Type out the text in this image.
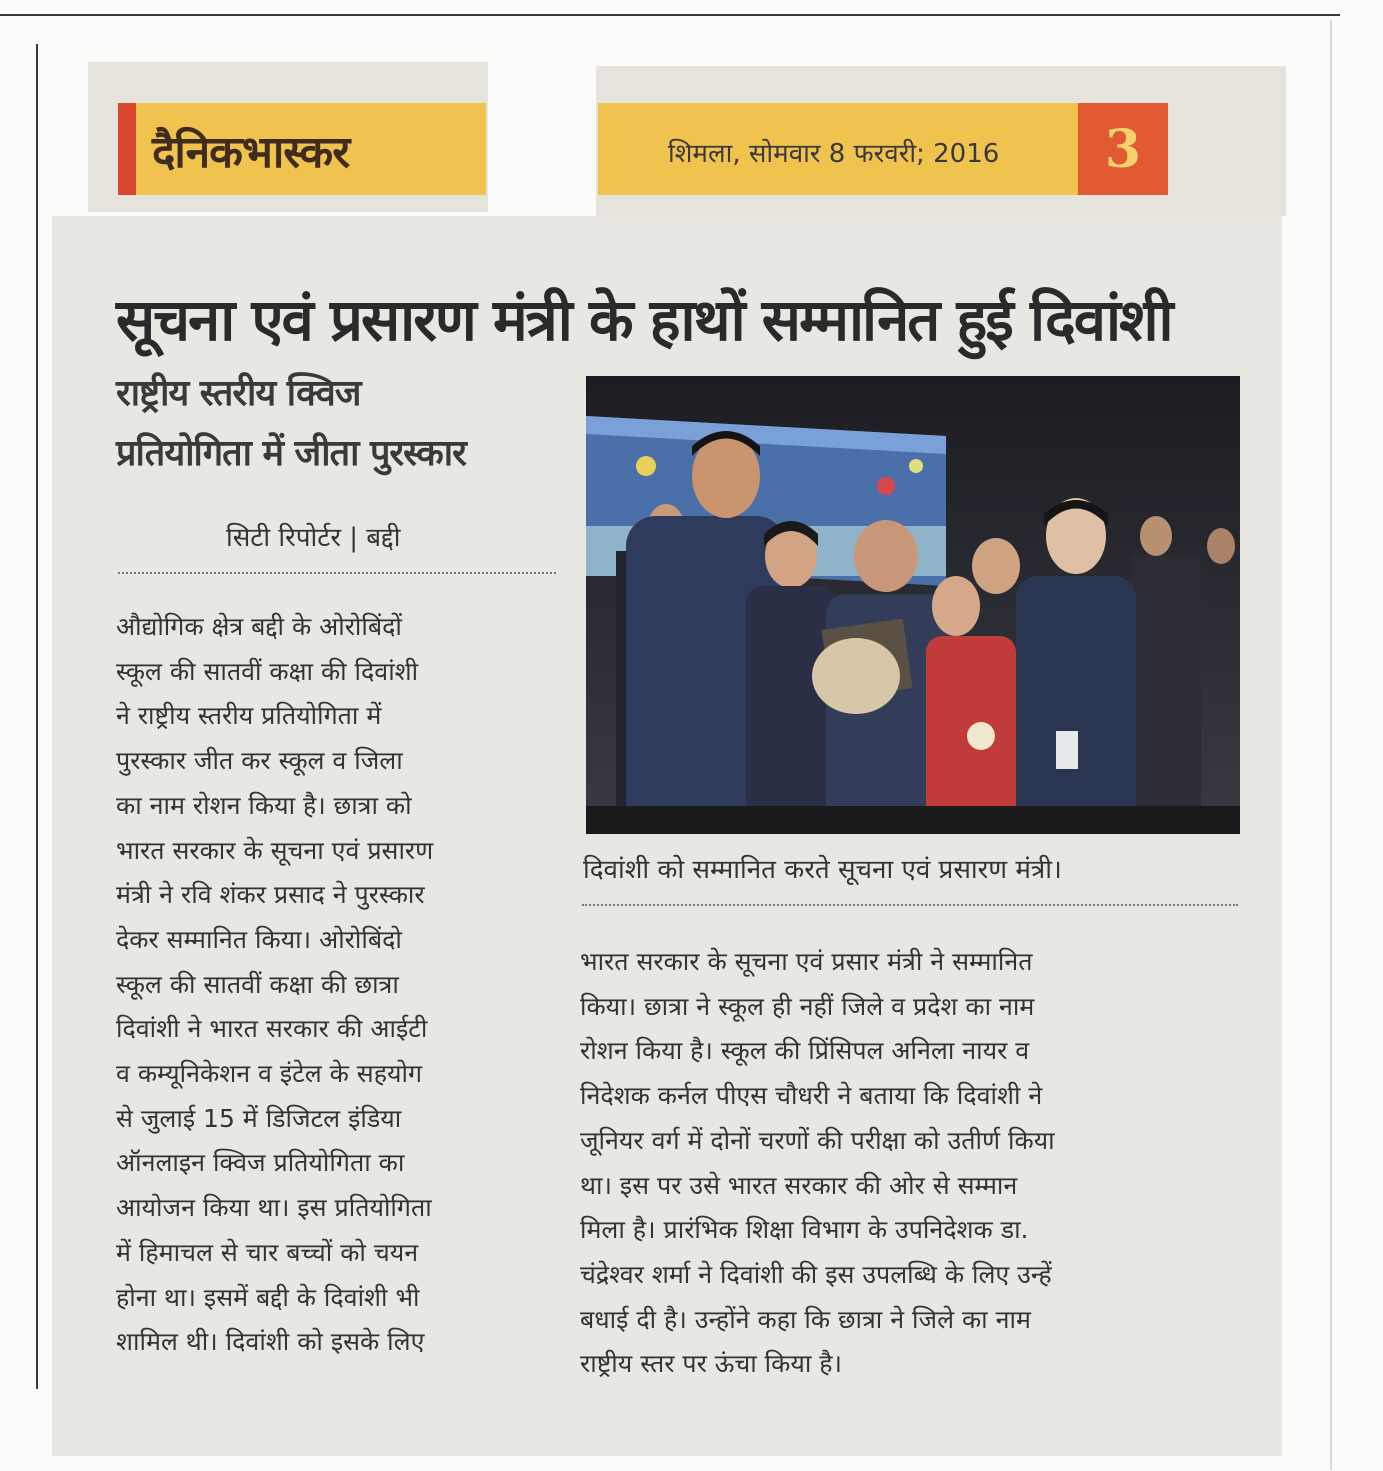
दैनिकभास्कर	शिमला, सोमवार 8 फरवरी; 2016 3
सूचना एवं प्रसारण मंत्री के हाथों सम्मानित हुई दिवांशी
राष्ट्रीय स्तरीय क्विज
प्रतियोगिता में जीता पुरस्कार
सिटी रिपोर्टर | बद्दी
औद्योगिक क्षेत्र बद्दी के ओरोबिंदों
स्कूल की सातवीं कक्षा की दिवांशी
ने राष्ट्रीय स्तरीय प्रतियोगिता में
पुरस्कार जीत कर स्कूल व जिला
का नाम रोशन किया है। छात्रा को
भारत सरकार के सूचना एवं प्रसारण
मंत्री ने रवि शंकर प्रसाद ने पुरस्कार
देकर सम्मानित किया। ओरोबिंदो
स्कूल की सातवीं कक्षा की छात्रा
दिवांशी ने भारत सरकार की आईटी
व कम्यूनिकेशन व इंटेल के सहयोग
से जुलाई 15 में डिजिटल इंडिया
ऑनलाइन क्विज प्रतियोगिता का
आयोजन किया था। इस प्रतियोगिता
में हिमाचल से चार बच्चों को चयन
होना था। इसमें बद्दी के दिवांशी भी
शामिल थी। दिवांशी को इसके लिए
दिवांशी को सम्मानित करते सूचना एवं प्रसारण मंत्री।
भारत सरकार के सूचना एवं प्रसार मंत्री ने सम्मानित
किया। छात्रा ने स्कूल ही नहीं जिले व प्रदेश का नाम
रोशन किया है। स्कूल की प्रिंसिपल अनिला नायर व
निदेशक कर्नल पीएस चौधरी ने बताया कि दिवांशी ने
जूनियर वर्ग में दोनों चरणों की परीक्षा को उतीर्ण किया
था। इस पर उसे भारत सरकार की ओर से सम्मान
मिला है। प्रारंभिक शिक्षा विभाग के उपनिदेशक डा.
चंद्रेश्वर शर्मा ने दिवांशी की इस उपलब्धि के लिए उन्हें
बधाई दी है। उन्होंने कहा कि छात्रा ने जिले का नाम
राष्ट्रीय स्तर पर ऊंचा किया है।
